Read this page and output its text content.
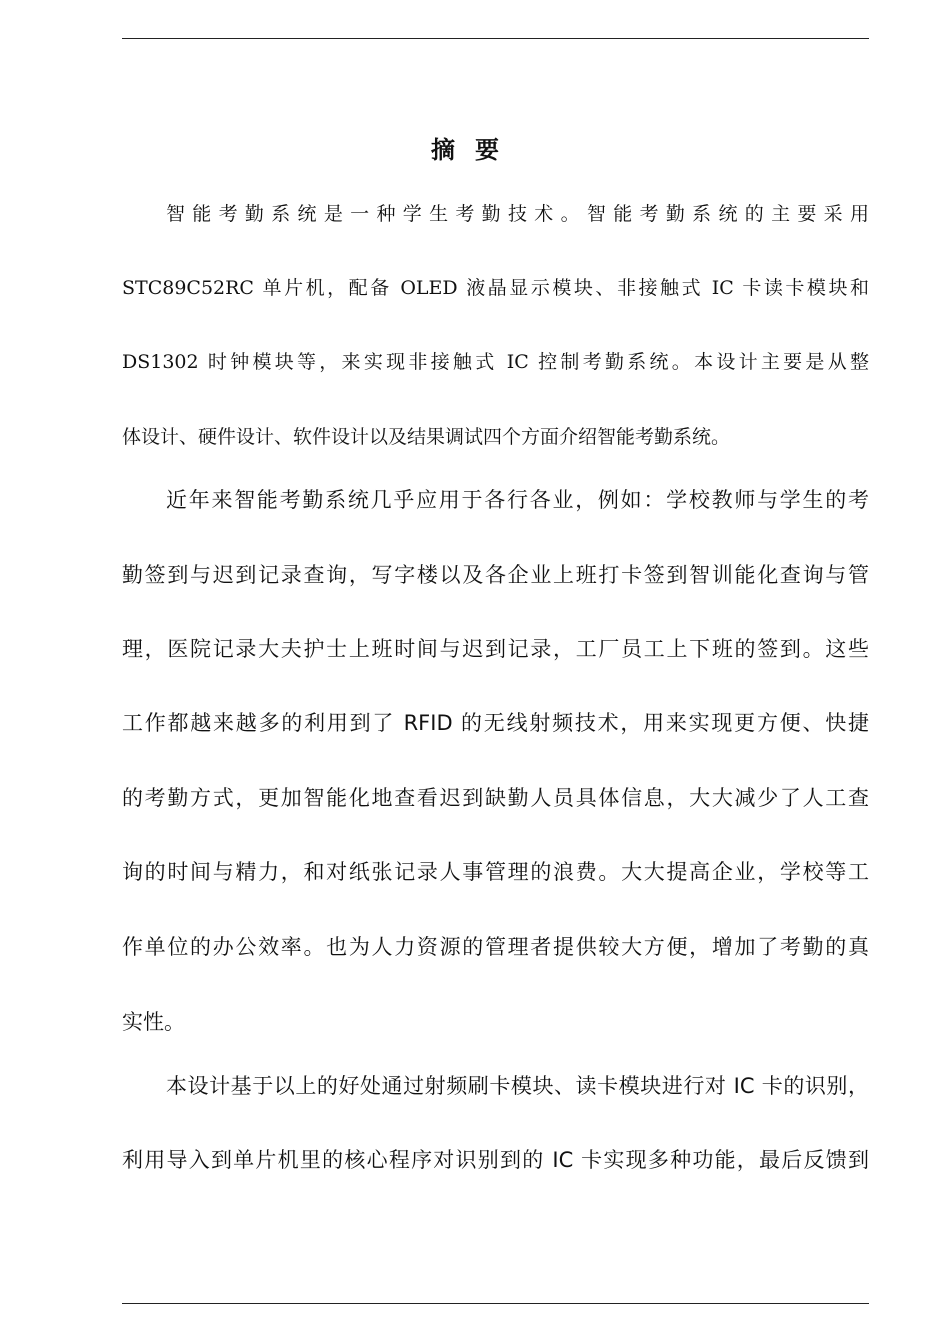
摘要
智能考勤系统是一种学生考勤技术。智能考勤系统的主要采用
STC89C52RC 单片机，配备 OLED 液晶显示模块、非接触式 IC 卡读卡模块和
DS1302 时钟模块等，来实现非接触式 IC 控制考勤系统。本设计主要是从整
体设计、硬件设计、软件设计以及结果调试四个方面介绍智能考勤系统。
近年来智能考勤系统几乎应用于各行各业，例如：学校教师与学生的考
勤签到与迟到记录查询，写字楼以及各企业上班打卡签到智训能化查询与管
理，医院记录大夫护士上班时间与迟到记录，工厂员工上下班的签到。这些
工作都越来越多的利用到了 RFID 的无线射频技术，用来实现更方便、快捷
的考勤方式，更加智能化地查看迟到缺勤人员具体信息，大大减少了人工查
询的时间与精力，和对纸张记录人事管理的浪费。大大提高企业，学校等工
作单位的办公效率。也为人力资源的管理者提供较大方便，增加了考勤的真
实性。
本设计基于以上的好处通过射频刷卡模块、读卡模块进行对 IC 卡的识别，
利用导入到单片机里的核心程序对识别到的 IC 卡实现多种功能，最后反馈到
